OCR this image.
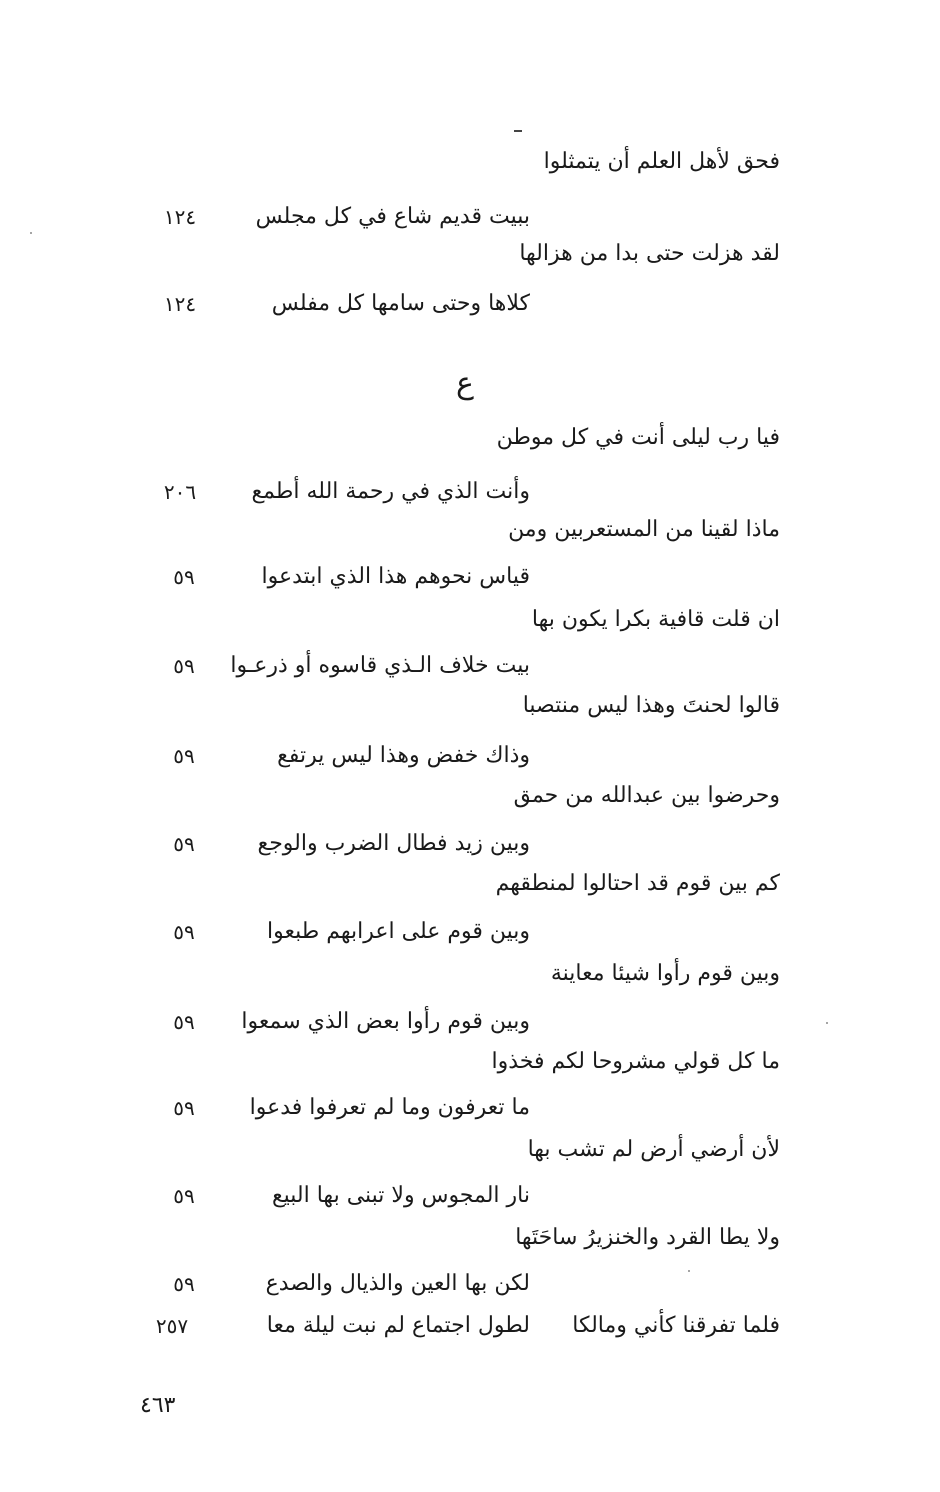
فحق لأهل العلم أن يتمثلوا
ببيت قديم شاع في كل مجلس
١٢٤
لقد هزلت حتى بدا من هزالها
كلاها وحتى سامها كل مفلس
١٢٤
ع
فيا رب ليلى أنت في كل موطن
وأنت الذي في رحمة الله أطمع
٢٠٦
ماذا لقينا من المستعربين ومن
قياس نحوهم هذا الذي ابتدعوا
٥٩
ان قلت قافية بكرا يكون بها
بيت خلاف الـذي قاسوه أو ذرعـوا
٥٩
قالوا لحنتَ وهذا ليس منتصبا
وذاك خفض وهذا ليس يرتفع
٥٩
وحرضوا بين عبدالله من حمق
وبين زيد فطال الضرب والوجع
٥٩
كم بين قوم قد احتالوا لمنطقهم
وبين قوم على اعرابهم طبعوا
٥٩
وبين قوم رأوا شيئا معاينة
وبين قوم رأوا بعض الذي سمعوا
٥٩
ما كل قولي مشروحا لكم فخذوا
ما تعرفون وما لم تعرفوا فدعوا
٥٩
لأن أرضي أرض لم تشب بها
نار المجوس ولا تبنى بها البيع
٥٩
ولا يطا القرد والخنزيرُ ساحَتَها
لكن بها العين والذيال والصدع
٥٩
فلما تفرقنا كأني ومالكا
لطول اجتماع لم نبت ليلة معا
٢٥٧
٤٦٣
